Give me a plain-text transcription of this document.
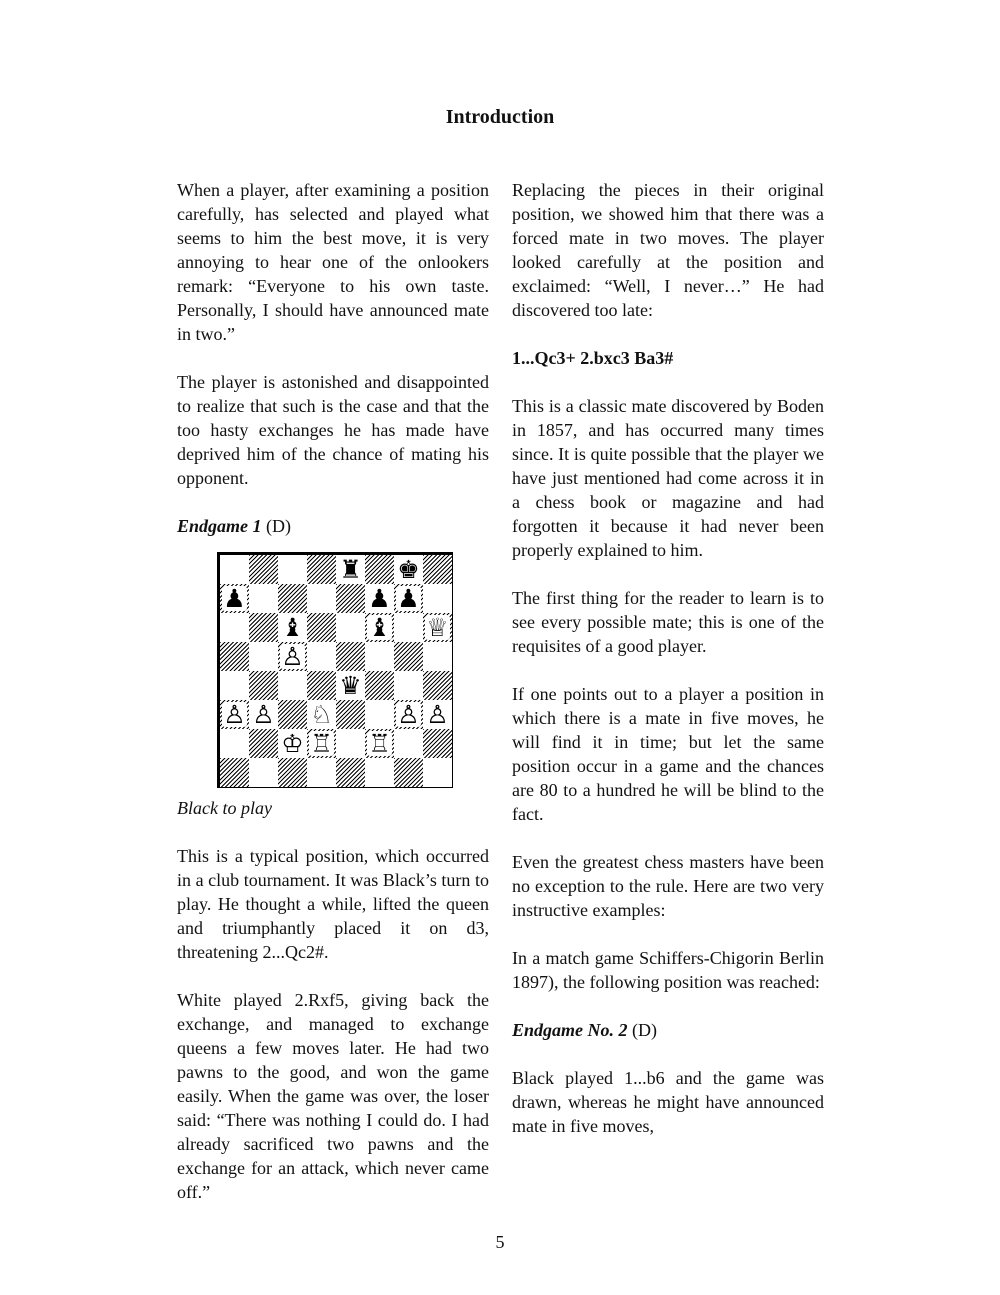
Introduction

When a player, after examining a position carefully, has selected and played what seems to him the best move, it is very annoying to hear one of the onlookers remark: “Everyone to his own taste. Personally, I should have announced mate in two.”

The player is astonished and disappointed to realize that such is the case and that the too hasty exchanges he has made have deprived him of the chance of mating his opponent.

Endgame 1 (D)

♜ ♚
♟	♟ ♟
♝	♝ ♕
♙
♛
♙ ♙ ♘	♙ ♙
♔ ♖ ♖

Black to play

This is a typical position, which occurred in a club tournament. It was Black’s turn to play. He thought a while, lifted the queen and triumphantly placed it on d3, threatening 2...Qc2#.

White played 2.Rxf5, giving back the exchange, and managed to exchange queens a few moves later. He had two pawns to the good, and won the game easily. When the game was over, the loser said: “There was nothing I could do. I had already sacrificed two pawns and the exchange for an attack, which never came off.”

Replacing the pieces in their original position, we showed him that there was a forced mate in two moves. The player looked carefully at the position and exclaimed: “Well, I never…” He had discovered too late:

1...Qc3+ 2.bxc3 Ba3#

This is a classic mate discovered by Boden in 1857, and has occurred many times since. It is quite possible that the player we have just mentioned had come across it in a chess book or magazine and had forgotten it because it had never been properly explained to him.

The first thing for the reader to learn is to see every possible mate; this is one of the requisites of a good player.

If one points out to a player a position in which there is a mate in five moves, he will find it in time; but let the same position occur in a game and the chances are 80 to a hundred he will be blind to the fact.

Even the greatest chess masters have been no exception to the rule. Here are two very instructive examples:

In a match game Schiffers-Chigorin Berlin 1897), the following position was reached:

Endgame No. 2 (D)

Black played 1...b6 and the game was drawn, whereas he might have announced mate in five moves,

5
